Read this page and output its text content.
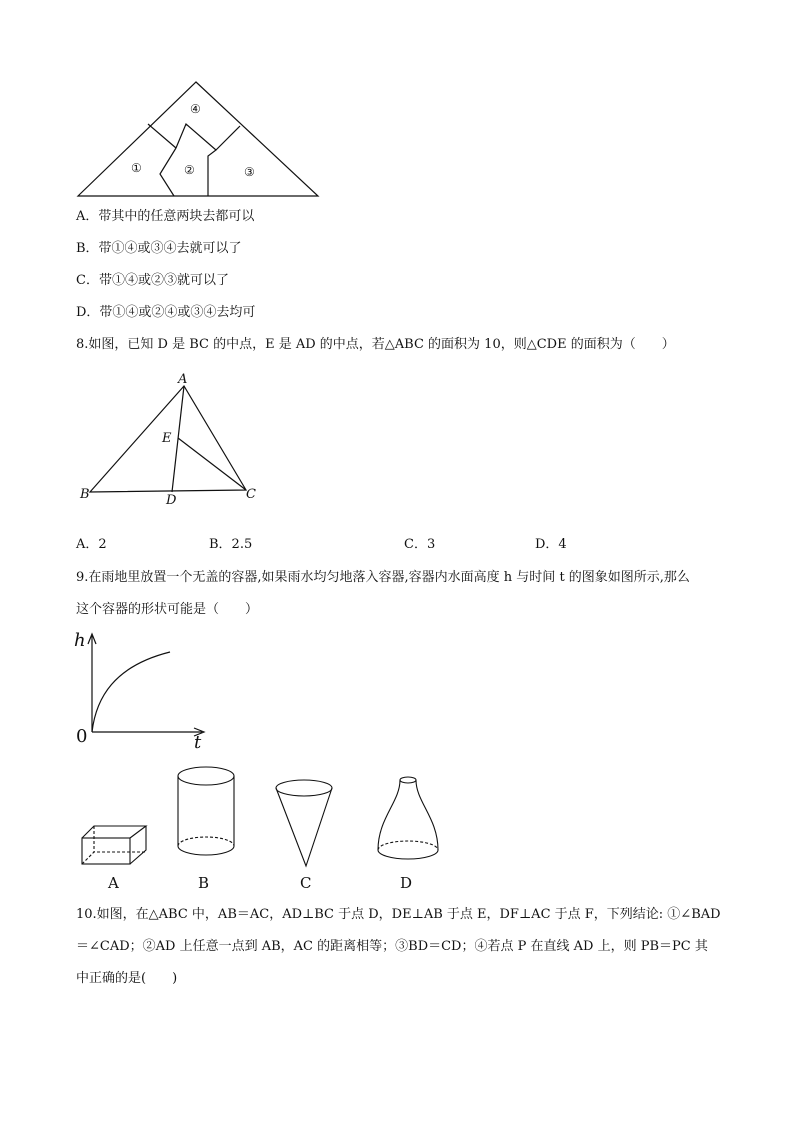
④
①	②	③
A．带其中的任意两块去都可以
B．带①④或③④去就可以了
C．带①④或②③就可以了
D．带①④或②④或③④去均可
8.如图，已知 D 是 BC 的中点，E 是 AD 的中点，若△ABC 的面积为 10，则△CDE 的面积为（　　）
A
E
B	D	C
A．2	B．2.5	C．3	D．4
9.在雨地里放置一个无盖的容器,如果雨水均匀地落入容器,容器内水面高度 h 与时间 t 的图象如图所示,那么
这个容器的形状可能是（　　）
h
t
0
A	B	C	D
10.如图，在△ABC 中，AB＝AC，AD⊥BC 于点 D，DE⊥AB 于点 E，DF⊥AC 于点 F，下列结论: ①∠BAD
＝∠CAD；②AD 上任意一点到 AB，AC 的距离相等；③BD＝CD；④若点 P 在直线 AD 上，则 PB＝PC 其
中正确的是(　　)
